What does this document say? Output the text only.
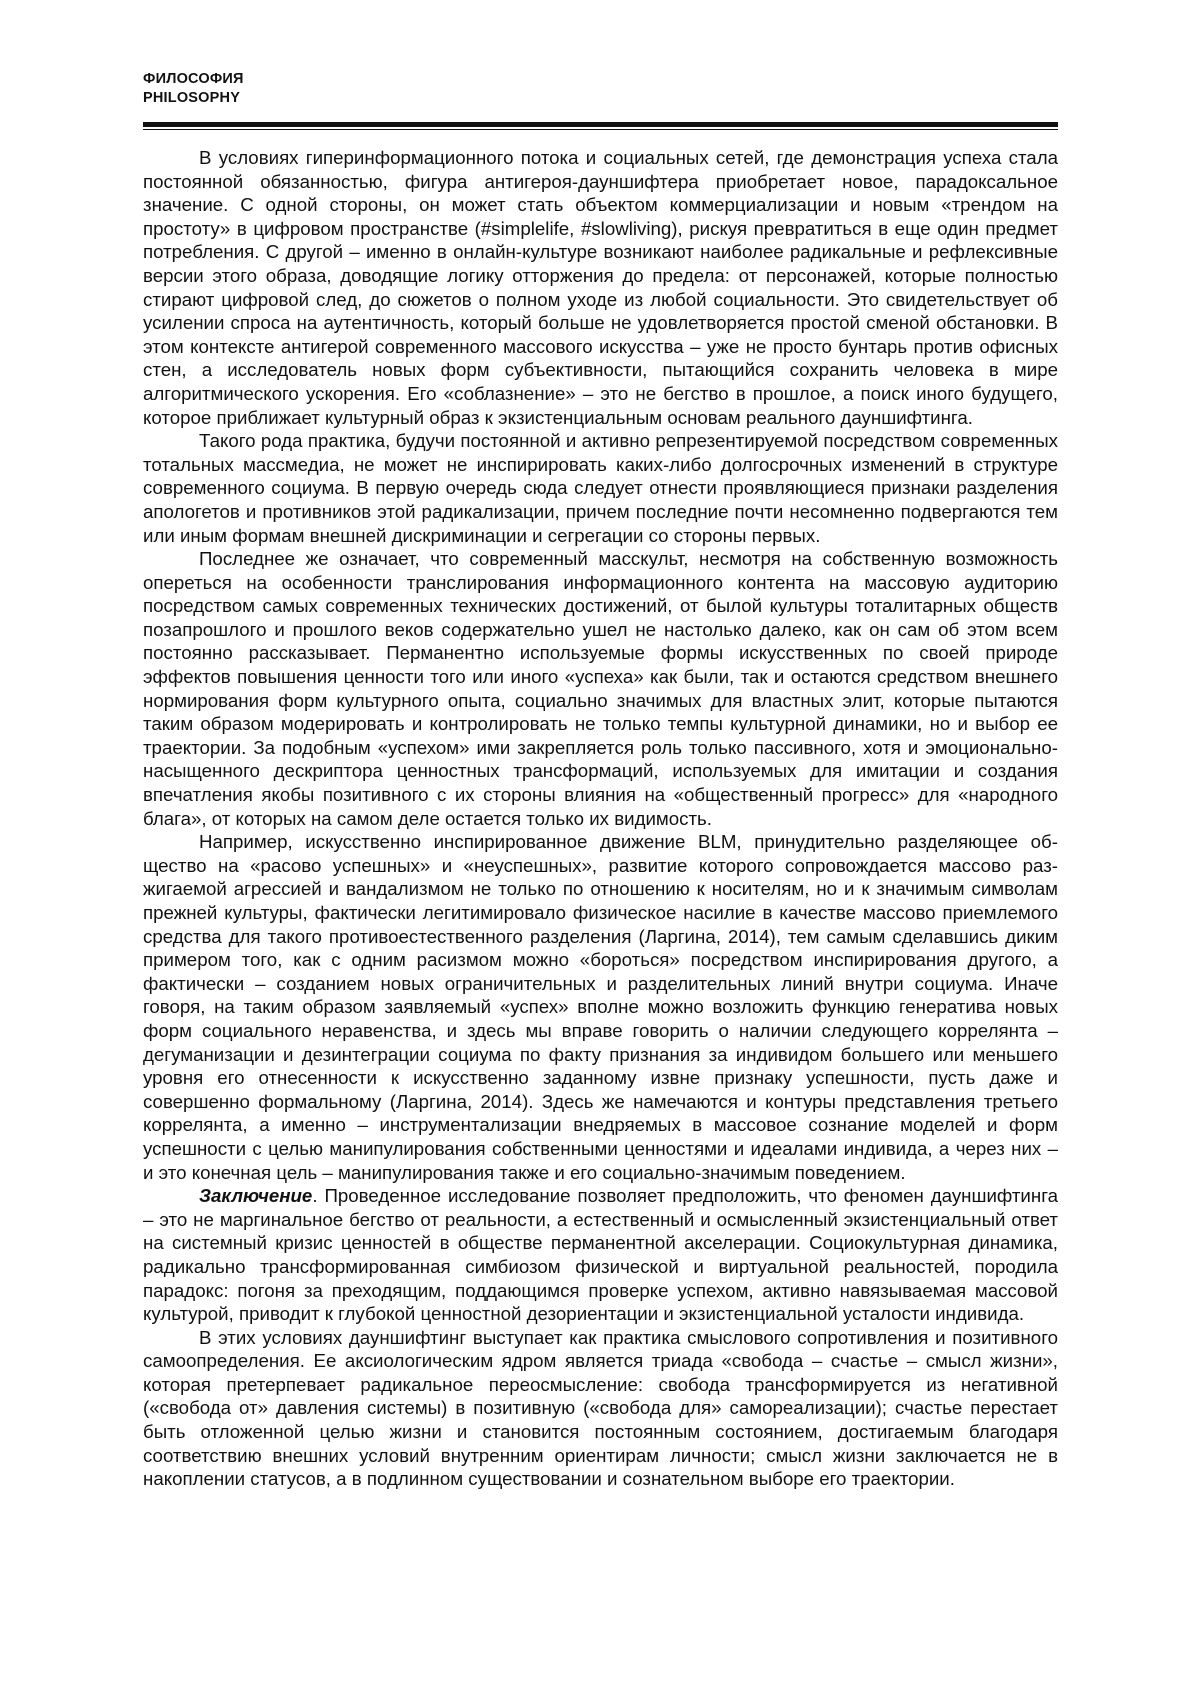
ФИЛОСОФИЯ
PHILOSOPHY

В условиях гиперинформационного потока и социальных сетей, где демонстрация успеха стала постоянной обязанностью, фигура антигероя-дауншифтера приобретает новое, парадоксальное значение. С одной стороны, он может стать объектом коммерциализации и новым «трендом на простоту» в цифровом пространстве (#simplelife, #slowliving), рискуя превратиться в еще один предмет потребления. С другой – именно в онлайн-культуре возникают наиболее радикальные и рефлексивные версии этого образа, доводящие логику отторжения до предела: от персонажей, которые полностью стирают цифровой след, до сюжетов о полном уходе из любой социальности. Это свидетельствует об усилении спроса на аутентичность, который больше не удовлетворяется простой сменой обстановки. В этом контексте антигерой современного массового искусства – уже не просто бунтарь против офисных стен, а исследователь новых форм субъективности, пытающийся сохранить человека в мире алгоритмического ускорения. Его «соблазнение» – это не бегство в прошлое, а поиск иного будущего, которое приближает культурный образ к экзистенциальным основам реального дауншифтинга.

Такого рода практика, будучи постоянной и активно репрезентируемой посредством современных тотальных массмедиа, не может не инспирировать каких-либо долгосрочных изменений в структуре современного социума. В первую очередь сюда следует отнести проявляющиеся признаки разделения апологетов и противников этой радикализации, причем последние почти несомненно подвергаются тем или иным формам внешней дискриминации и сегрегации со стороны первых.

Последнее же означает, что современный масскульт, несмотря на собственную возможность опереться на особенности транслирования информационного контента на массовую аудиторию посредством самых современных технических достижений, от былой культуры тоталитарных обществ позапрошлого и прошлого веков содержательно ушел не настолько далеко, как он сам об этом всем постоянно рассказывает. Перманентно используемые формы искусственных по своей природе эффектов повышения ценности того или иного «успеха» как были, так и остаются средством внешнего нормирования форм культурного опыта, социально значимых для властных элит, которые пытаются таким образом модерировать и контролировать не только темпы культурной динамики, но и выбор ее траектории. За подобным «успехом» ими закрепляется роль только пассивного, хотя и эмоционально-насыщенного дескриптора ценностных трансформаций, используемых для имитации и создания впечатления якобы позитивного с их стороны влияния на «общественный прогресс» для «народного блага», от которых на самом деле остается только их видимость.

Например, искусственно инспирированное движение BLM, принудительно разделяющее общество на «расово успешных» и «неуспешных», развитие которого сопровождается массово разжигаемой агрессией и вандализмом не только по отношению к носителям, но и к значимым символам прежней культуры, фактически легитимировало физическое насилие в качестве массово приемлемого средства для такого противоестественного разделения (Ларгина, 2014), тем самым сделавшись диким примером того, как с одним расизмом можно «бороться» посредством инспирирования другого, а фактически – созданием новых ограничительных и разделительных линий внутри социума. Иначе говоря, на таким образом заявляемый «успех» вполне можно возложить функцию генератива новых форм социального неравенства, и здесь мы вправе говорить о наличии следующего коррелянта – дегуманизации и дезинтеграции социума по факту признания за индивидом большего или меньшего уровня его отнесенности к искусственно заданному извне признаку успешности, пусть даже и совершенно формальному (Ларгина, 2014). Здесь же намечаются и контуры представления третьего коррелянта, а именно – инструментализации внедряемых в массовое сознание моделей и форм успешности с целью манипулирования собственными ценностями и идеалами индивида, а через них – и это конечная цель – манипулирования также и его социально-значимым поведением.

Заключение. Проведенное исследование позволяет предположить, что феномен дауншифтинга – это не маргинальное бегство от реальности, а естественный и осмысленный экзистенциальный ответ на системный кризис ценностей в обществе перманентной акселерации. Социокультурная динамика, радикально трансформированная симбиозом физической и виртуальной реальностей, породила парадокс: погоня за преходящим, поддающимся проверке успехом, активно навязываемая массовой культурой, приводит к глубокой ценностной дезориентации и экзистенциальной усталости индивида.

В этих условиях дауншифтинг выступает как практика смыслового сопротивления и позитивного самоопределения. Ее аксиологическим ядром является триада «свобода – счастье – смысл жизни», которая претерпевает радикальное переосмысление: свобода трансформируется из негативной («свобода от» давления системы) в позитивную («свобода для» самореализации); счастье перестает быть отложенной целью жизни и становится постоянным состоянием, достигаемым благодаря соответствию внешних условий внутренним ориентирам личности; смысл жизни заключается не в накоплении статусов, а в подлинном существовании и сознательном выборе его траектории.
